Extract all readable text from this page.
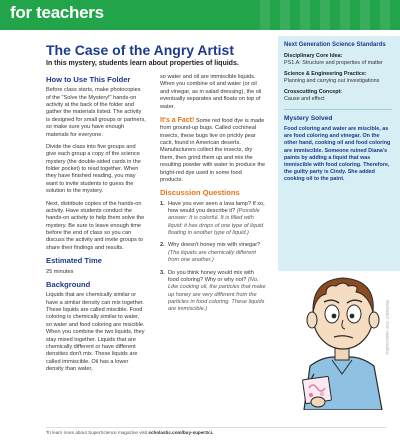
for teachers
The Case of the Angry Artist
In this mystery, students learn about properties of liquids.
How to Use This Folder
Before class starts, make photocopies of the "Solve the Mystery!" hands-on activity at the back of the folder and gather the materials listed. The activity is designed for small groups or partners, so make sure you have enough materials for everyone.
Divide the class into five groups and give each group a copy of the science mystery (the double-sided cards in the folder pocket) to read together. When they have finished reading, you may want to invite students to guess the solution to the mystery.
Next, distribute copies of the hands-on activity. Have students conduct the hands-on activity to help them solve the mystery. Be sure to leave enough time before the end of class so you can discuss the activity and invite groups to share their findings and results.
Estimated Time
25 minutes
Background
Liquids that are chemically similar or have a similar density can mix together. These liquids are called miscible. Food coloring is chemically similar to water, so water and food coloring are miscible. When you combine the two liquids, they stay mixed together. Liquids that are chemically different or have different densities don't mix. These liquids are called immiscible. Oil has a lower density than water,
so water and oil are immiscible liquids. When you combine oil and water (or oil and vinegar, as in salad dressing), the oil eventually separates and floats on top of water.
It's a Fact! Some red food dye is made from ground-up bugs. Called cochineal insects, these bugs live on prickly pear cacti, found in American deserts. Manufacturers collect the insects, dry them, then grind them up and mix the resulting powder with water to produce the bright-red dye used in some food products.
Discussion Questions
1. Have you ever seen a lava lamp? If so, how would you describe it? (Possible answer: It is colorful. It is filled with liquid: it has drops of one type of liquid floating in another type of liquid.)
2. Why doesn't honey mix with vinegar? (The liquids are chemically different from one another.)
3. Do you think honey would mix with food coloring? Why or why not? (No. Like cooking oil, the particles that make up honey are very different from the particles in food coloring. These liquids are immiscible.)
Next Generation Science Standards
Disciplinary Core Idea:
PS1.A: Structure and properties of matter
Science & Engineering Practice:
Planning and carrying out investigations
Crosscutting Concept:
Cause and effect
Mystery Solved
Food coloring and water are miscible, as are food coloring and vinegar. On the other hand, cooking oil and food coloring are immiscible. Someone ruined Diana's paints by adding a liquid that was immiscible with food coloring. Therefore, the guilty party is Cindy. She added cooking oil to the paint.
Illustration: Dan Vasconcellos
To learn more about SuperScience magazine visit scholastic.com/buy-superSci.
